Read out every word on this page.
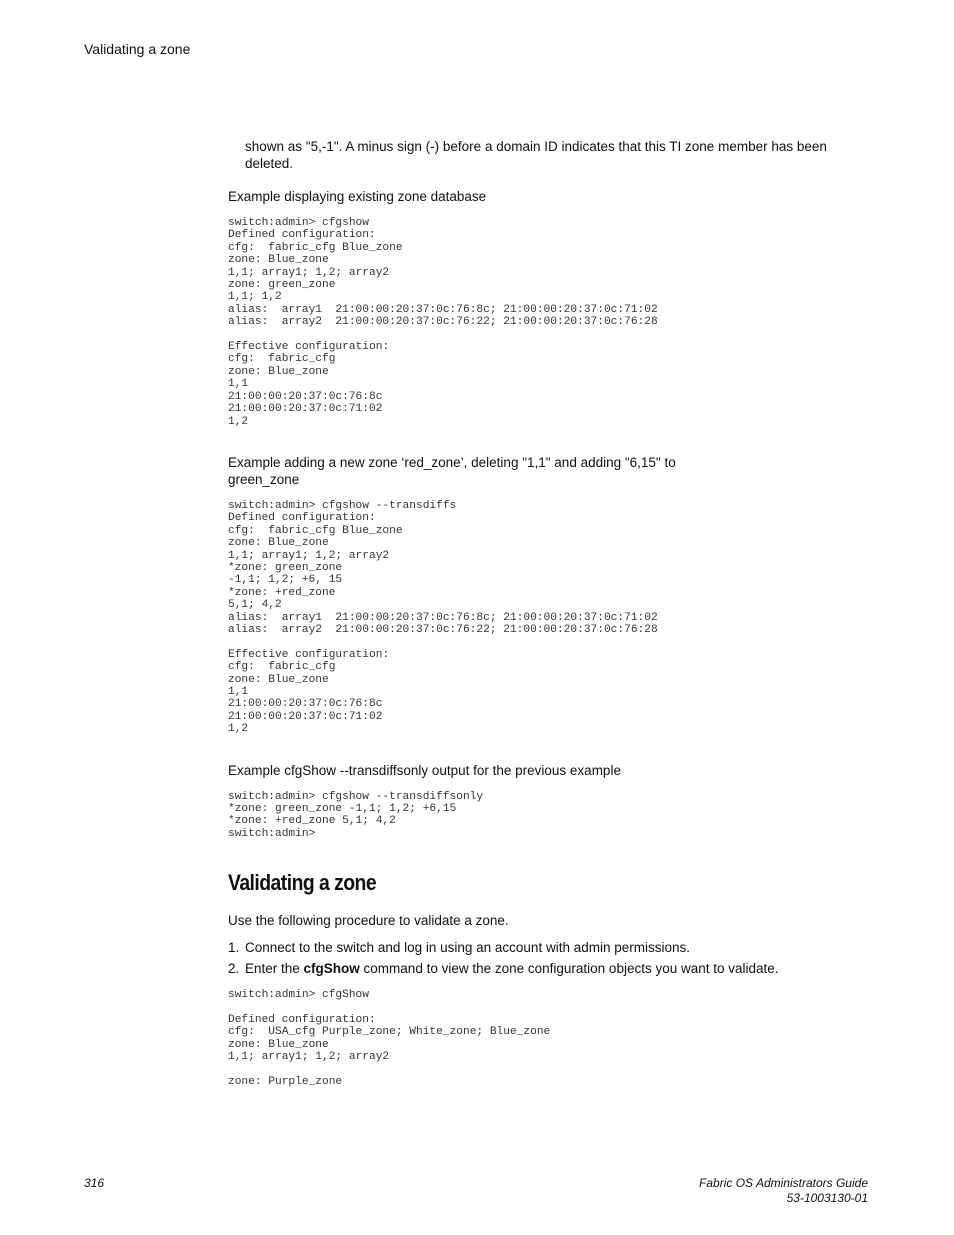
Validating a zone

shown as "5,-1". A minus sign (-) before a domain ID indicates that this TI zone member has been deleted.

Example displaying existing zone database

switch:admin> cfgshow
Defined configuration:
cfg:  fabric_cfg Blue_zone
zone: Blue_zone
1,1; array1; 1,2; array2
zone: green_zone
1,1; 1,2
alias:  array1  21:00:00:20:37:0c:76:8c; 21:00:00:20:37:0c:71:02
alias:  array2  21:00:00:20:37:0c:76:22; 21:00:00:20:37:0c:76:28

Effective configuration:
cfg:  fabric_cfg
zone: Blue_zone
1,1
21:00:00:20:37:0c:76:8c
21:00:00:20:37:0c:71:02
1,2

Example adding a new zone ‘red_zone’, deleting "1,1" and adding "6,15" to green_zone

switch:admin> cfgshow --transdiffs
Defined configuration:
cfg:  fabric_cfg Blue_zone
zone: Blue_zone
1,1; array1; 1,2; array2
*zone: green_zone
-1,1; 1,2; +6, 15
*zone: +red_zone
5,1; 4,2
alias:  array1  21:00:00:20:37:0c:76:8c; 21:00:00:20:37:0c:71:02
alias:  array2  21:00:00:20:37:0c:76:22; 21:00:00:20:37:0c:76:28

Effective configuration:
cfg:  fabric_cfg
zone: Blue_zone
1,1
21:00:00:20:37:0c:76:8c
21:00:00:20:37:0c:71:02
1,2

Example cfgShow --transdiffsonly output for the previous example

switch:admin> cfgshow --transdiffsonly
*zone: green_zone -1,1; 1,2; +6,15
*zone: +red_zone 5,1; 4,2
switch:admin>
Validating a zone

Use the following procedure to validate a zone.

1. Connect to the switch and log in using an account with admin permissions.
2. Enter the cfgShow command to view the zone configuration objects you want to validate.
switch:admin> cfgShow

Defined configuration:
cfg:  USA_cfg Purple_zone; White_zone; Blue_zone
zone: Blue_zone
1,1; array1; 1,2; array2

zone: Purple_zone
316	Fabric OS Administrators Guide
53-1003130-01
